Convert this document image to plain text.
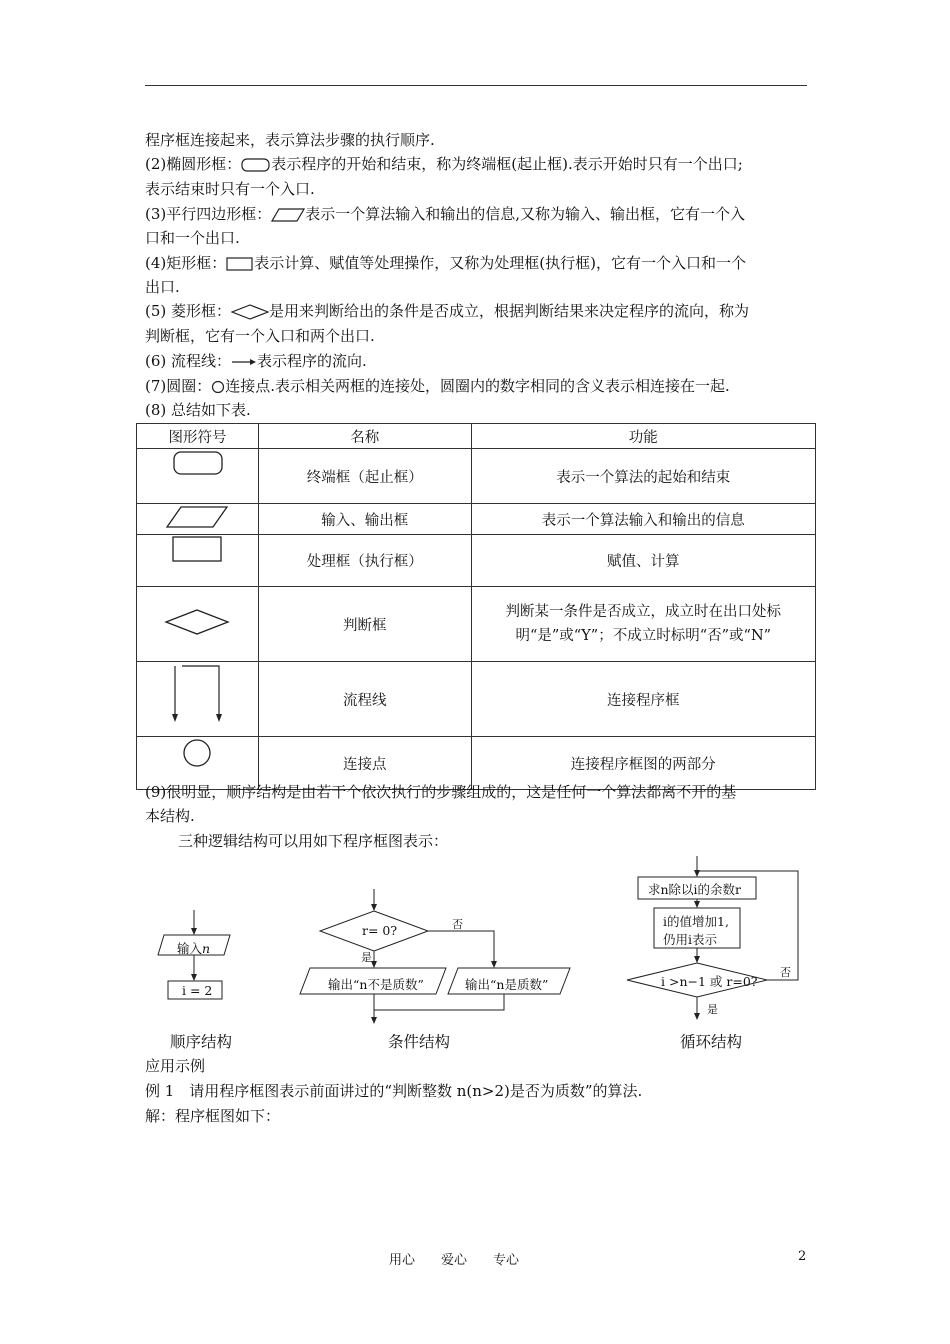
程序框连接起来，表示算法步骤的执行顺序.
(2)椭圆形框： 表示程序的开始和结束，称为终端框(起止框).表示开始时只有一个出口;
表示结束时只有一个入口.
(3)平行四边形框： 表示一个算法输入和输出的信息,又称为输入、输出框，它有一个入
口和一个出口.
(4)矩形框： 表示计算、赋值等处理操作，又称为处理框(执行框)，它有一个入口和一个
出口.
(5) 菱形框：	是用来判断给出的条件是否成立，根据判断结果来决定程序的流向，称为
判断框，它有一个入口和两个出口.
(6) 流程线： 表示程序的流向.
(7)圆圈： 连接点.表示相关两框的连接处，圆圈内的数字相同的含义表示相连接在一起.
(8) 总结如下表.
图形符号	名称	功能
	终端框（起止框）	表示一个算法的起始和结束
	输入、输出框	表示一个算法输入和输出的信息
	处理框（执行框）	赋值、计算
	判断框	判断某一条件是否成立，成立时在出口处标明“是”或“Y”；不成立时标明“否”或“N”
	流程线	连接程序框
	连接点	连接程序框图的两部分
(9)很明显，顺序结构是由若干个依次执行的步骤组成的，这是任何一个算法都离不开的基
本结构.
三种逻辑结构可以用如下程序框图表示：
输入n
i = 2
顺序结构
r= 0?	否
是
输出“n不是质数”	输出“n是质数”
条件结构
求n除以i的余数r
i的值增加1,
仍用i表示
i >n−1 或 r=0?
否
是
循环结构
应用示例
例 1　请用程序框图表示前面讲过的“判断整数 n(n>2)是否为质数”的算法.
解：程序框图如下：
用心　　爱心　　专心	2
